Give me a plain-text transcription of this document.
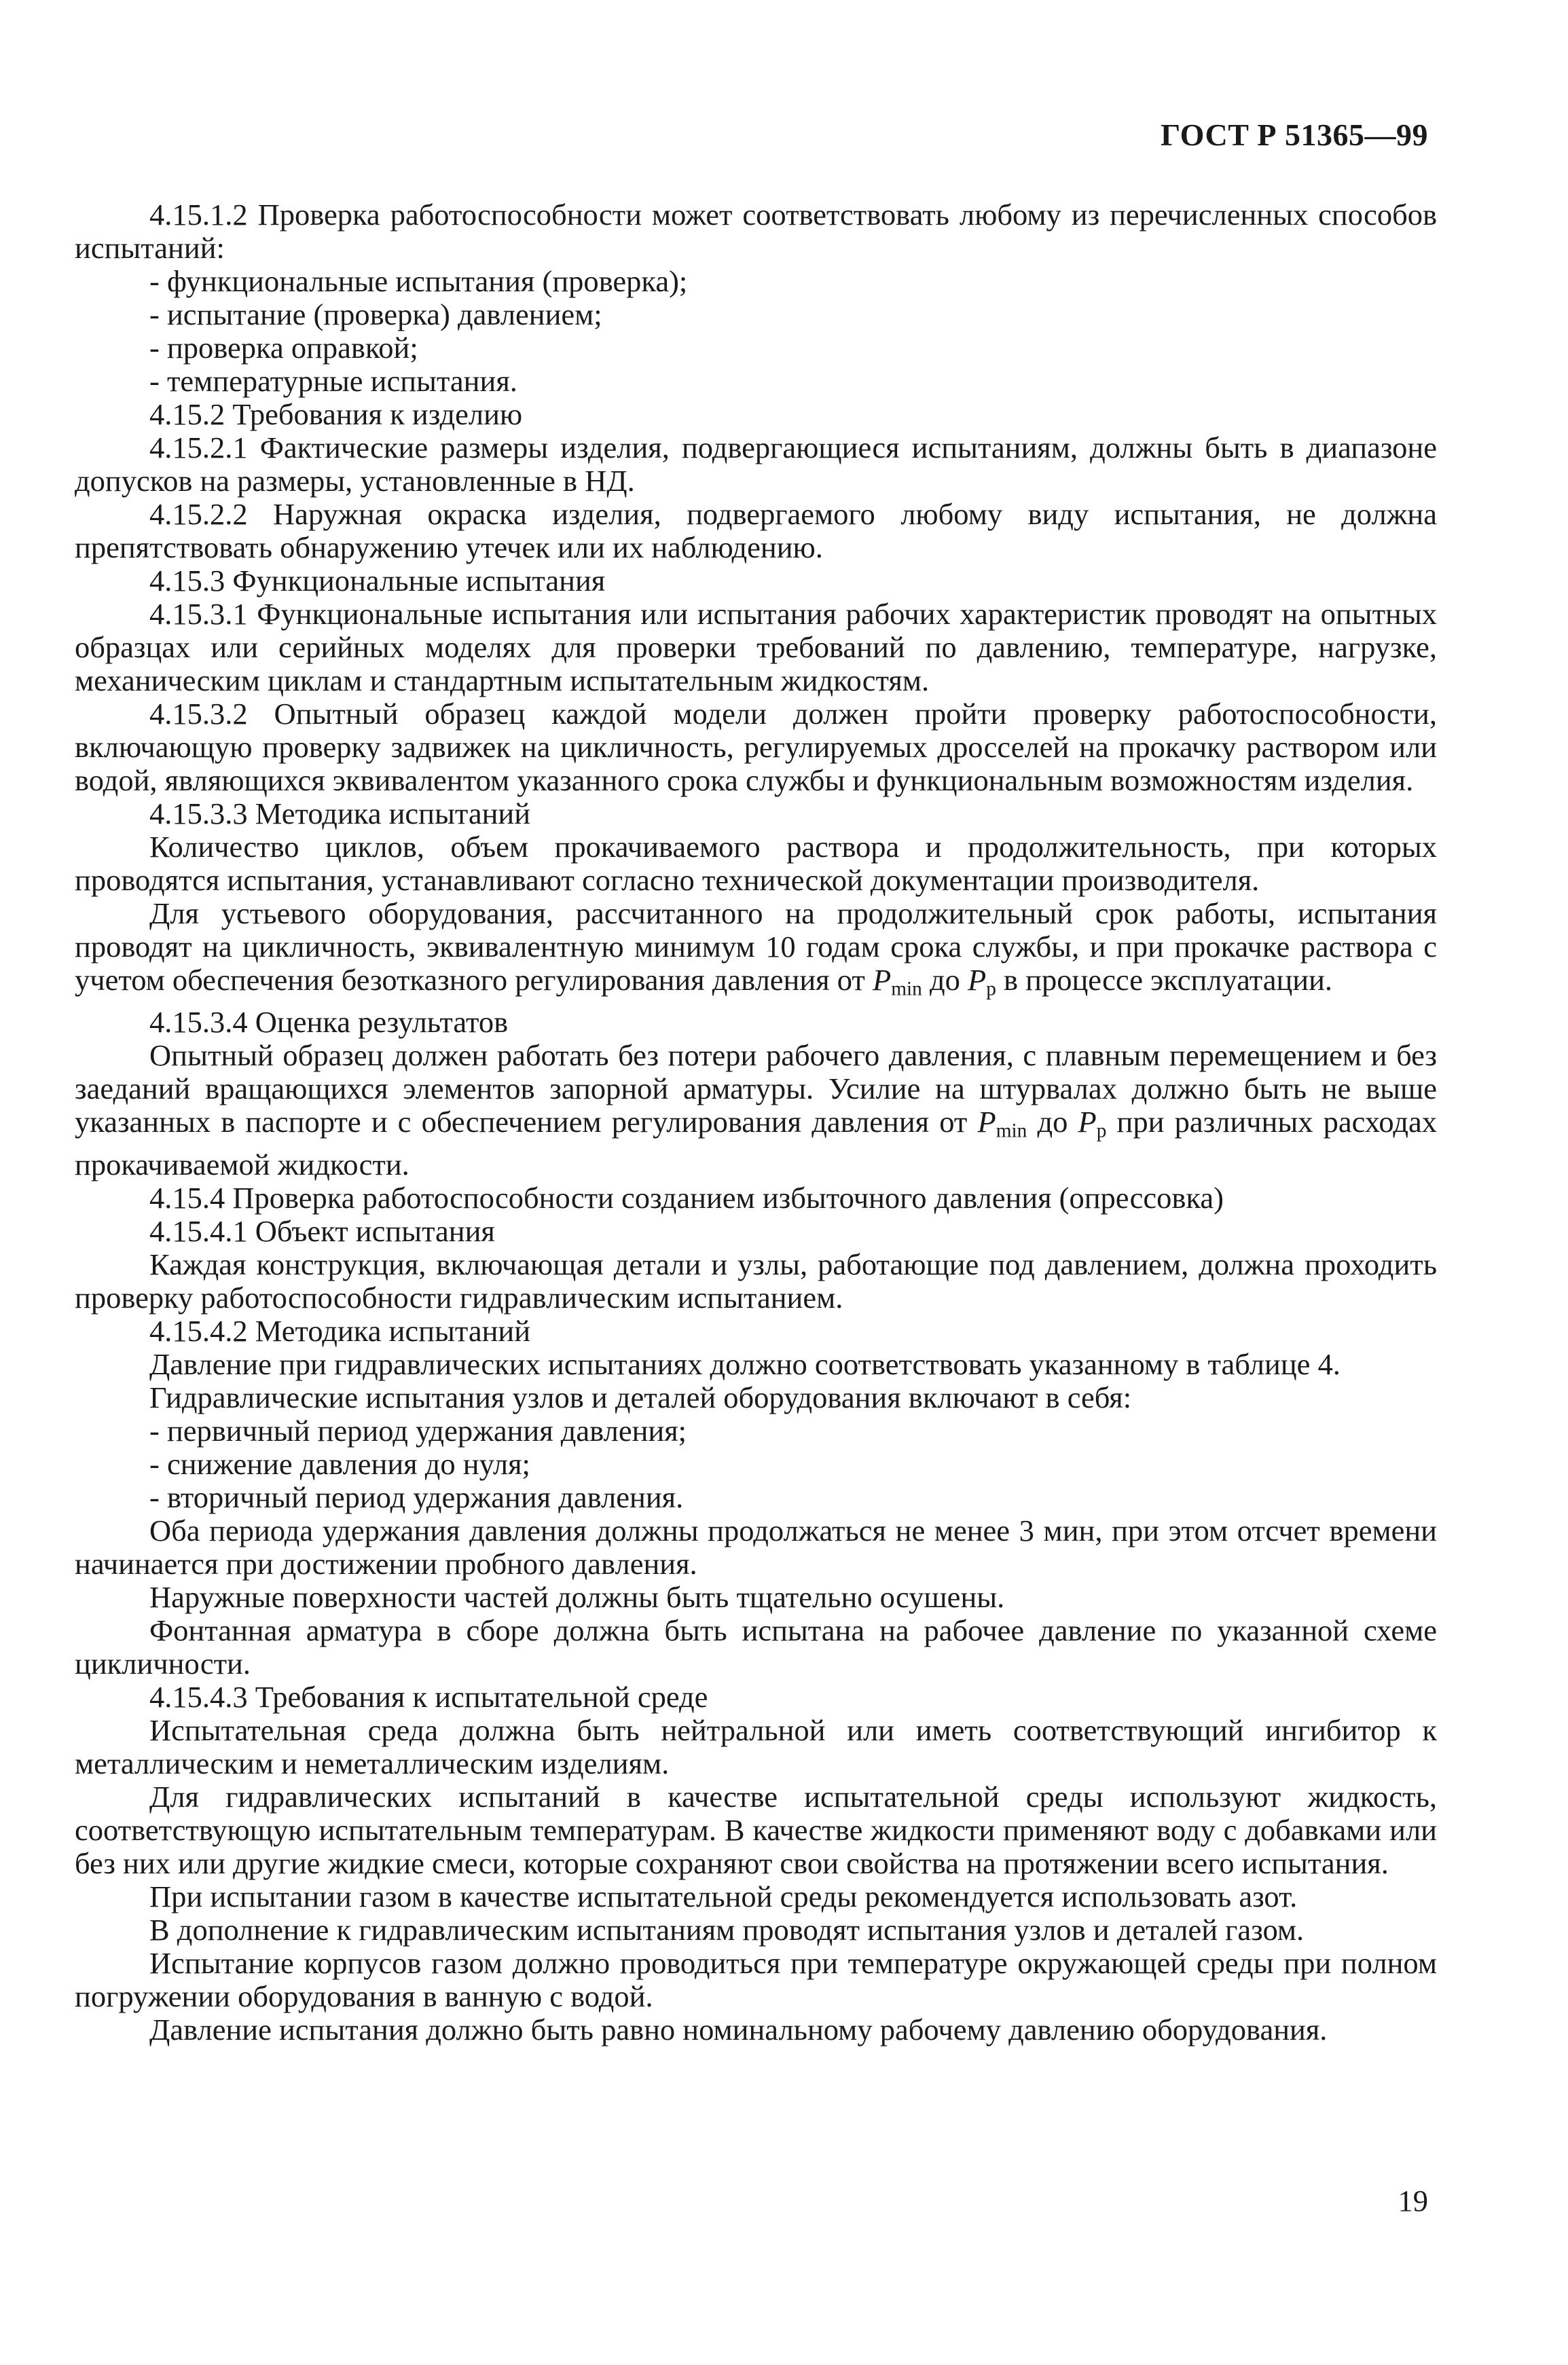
ГОСТ Р 51365—99
4.15.1.2 Проверка работоспособности может соответствовать любому из перечисленных способов испытаний:
- функциональные испытания (проверка);
- испытание (проверка) давлением;
- проверка оправкой;
- температурные испытания.
4.15.2 Требования к изделию
4.15.2.1 Фактические размеры изделия, подвергающиеся испытаниям, должны быть в диапазоне допусков на размеры, установленные в НД.
4.15.2.2 Наружная окраска изделия, подвергаемого любому виду испытания, не должна препятствовать обнаружению утечек или их наблюдению.
4.15.3 Функциональные испытания
4.15.3.1 Функциональные испытания или испытания рабочих характеристик проводят на опытных образцах или серийных моделях для проверки требований по давлению, температуре, нагрузке, механическим циклам и стандартным испытательным жидкостям.
4.15.3.2 Опытный образец каждой модели должен пройти проверку работоспособности, включающую проверку задвижек на цикличность, регулируемых дросселей на прокачку раствором или водой, являющихся эквивалентом указанного срока службы и функциональным возможностям изделия.
4.15.3.3 Методика испытаний
Количество циклов, объем прокачиваемого раствора и продолжительность, при которых проводятся испытания, устанавливают согласно технической документации производителя.
Для устьевого оборудования, рассчитанного на продолжительный срок работы, испытания проводят на цикличность, эквивалентную минимум 10 годам срока службы, и при прокачке раствора с учетом обеспечения безотказного регулирования давления от $P_{min}$ до $P_p$ в процессе эксплуатации.
4.15.3.4 Оценка результатов
Опытный образец должен работать без потери рабочего давления, с плавным перемещением и без заеданий вращающихся элементов запорной арматуры. Усилие на штурвалах должно быть не выше указанных в паспорте и с обеспечением регулирования давления от $P_{min}$ до $P_p$ при различных расходах прокачиваемой жидкости.
4.15.4 Проверка работоспособности созданием избыточного давления (опрессовка)
4.15.4.1 Объект испытания
Каждая конструкция, включающая детали и узлы, работающие под давлением, должна проходить проверку работоспособности гидравлическим испытанием.
4.15.4.2 Методика испытаний
Давление при гидравлических испытаниях должно соответствовать указанному в таблице 4.
Гидравлические испытания узлов и деталей оборудования включают в себя:
- первичный период удержания давления;
- снижение давления до нуля;
- вторичный период удержания давления.
Оба периода удержания давления должны продолжаться не менее 3 мин, при этом отсчет времени начинается при достижении пробного давления.
Наружные поверхности частей должны быть тщательно осушены.
Фонтанная арматура в сборе должна быть испытана на рабочее давление по указанной схеме цикличности.
4.15.4.3 Требования к испытательной среде
Испытательная среда должна быть нейтральной или иметь соответствующий ингибитор к металлическим и неметаллическим изделиям.
Для гидравлических испытаний в качестве испытательной среды используют жидкость, соответствующую испытательным температурам. В качестве жидкости применяют воду с добавками или без них или другие жидкие смеси, которые сохраняют свои свойства на протяжении всего испытания.
При испытании газом в качестве испытательной среды рекомендуется использовать азот.
В дополнение к гидравлическим испытаниям проводят испытания узлов и деталей газом.
Испытание корпусов газом должно проводиться при температуре окружающей среды при полном погружении оборудования в ванную с водой.
Давление испытания должно быть равно номинальному рабочему давлению оборудования.
19
